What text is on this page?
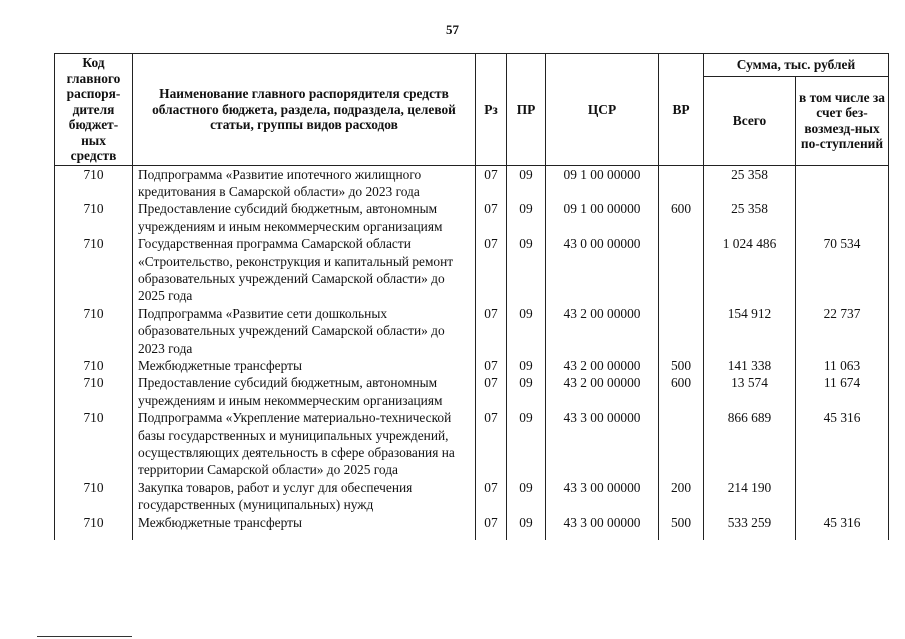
57
Код главного распоря-дителя бюджет-ных средств	Наименование главного распорядителя средств областного бюджета, раздела, подраздела, целевой статьи, группы видов расходов	Рз	ПР	ЦСР	ВР	Сумма, тыс. рублей	
						Всего	в том числе за счет без-возмезд-ных по-ступлений
710	Подпрограмма «Развитие ипотечного жилищного кредитования в Самарской области» до 2023 года	07	09	09 1 00 00000		25 358	
710	Предоставление субсидий бюджетным, автономным учреждениям и иным некоммерческим организациям	07	09	09 1 00 00000	600	25 358	
710	Государственная программа Самарской области «Строительство, реконструкция и капитальный ремонт образовательных учреждений Самарской области» до 2025 года	07	09	43 0 00 00000		1 024 486	70 534
710	Подпрограмма «Развитие сети дошкольных образовательных учреждений Самарской области» до 2023 года	07	09	43 2 00 00000		154 912	22 737
710	Межбюджетные трансферты	07	09	43 2 00 00000	500	141 338	11 063
710	Предоставление субсидий бюджетным, автономным учреждениям и иным некоммерческим организациям	07	09	43 2 00 00000	600	13 574	11 674
710	Подпрограмма «Укрепление материально-технической базы государственных и муниципальных учреждений, осуществляющих деятельность в сфере образования на территории Самарской области» до 2025 года	07	09	43 3 00 00000		866 689	45 316
710	Закупка товаров, работ и услуг для обеспечения государственных (муниципальных) нужд	07	09	43 3 00 00000	200	214 190	
710	Межбюджетные трансферты	07	09	43 3 00 00000	500	533 259	45 316
